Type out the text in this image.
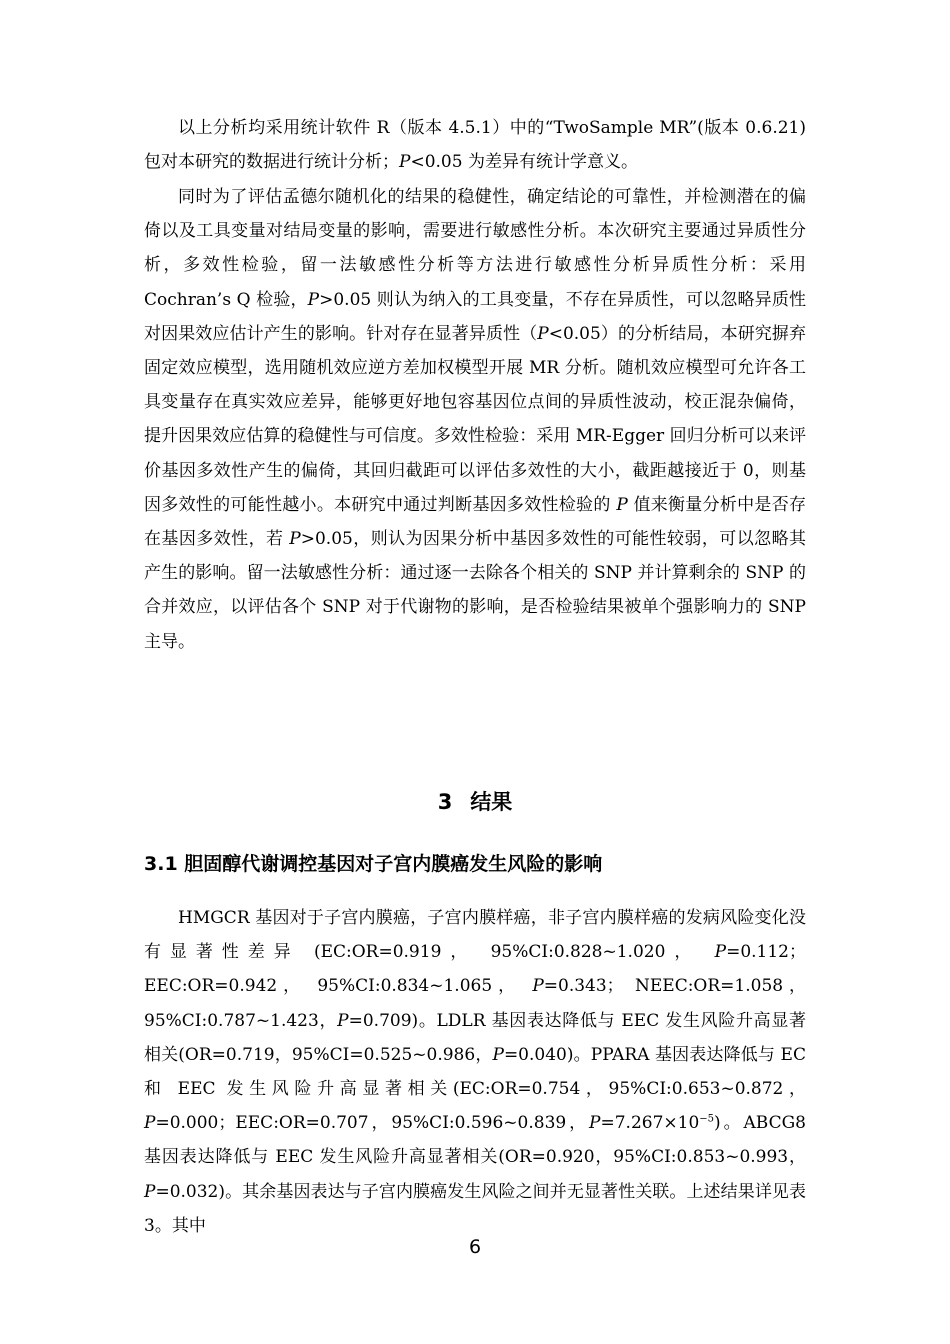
以上分析均采用统计软件 R（版本 4.5.1）中的“TwoSample MR”(版本 0.6.21)包对本研究的数据进行统计分析；P<0.05 为差异有统计学意义。

同时为了评估孟德尔随机化的结果的稳健性，确定结论的可靠性，并检测潜在的偏倚以及工具变量对结局变量的影响，需要进行敏感性分析。本次研究主要通过异质性分析，多效性检验，留一法敏感性分析等方法进行敏感性分析异质性分析：采用 Cochran’s Q 检验，P>0.05 则认为纳入的工具变量，不存在异质性，可以忽略异质性对因果效应估计产生的影响。针对存在显著异质性（P<0.05）的分析结局，本研究摒弃固定效应模型，选用随机效应逆方差加权模型开展 MR 分析。随机效应模型可允许各工具变量存在真实效应差异，能够更好地包容基因位点间的异质性波动，校正混杂偏倚，提升因果效应估算的稳健性与可信度。多效性检验：采用 MR-Egger 回归分析可以来评价基因多效性产生的偏倚，其回归截距可以评估多效性的大小，截距越接近于 0，则基因多效性的可能性越小。本研究中通过判断基因多效性检验的 P 值来衡量分析中是否存在基因多效性，若 P>0.05，则认为因果分析中基因多效性的可能性较弱，可以忽略其产生的影响。留一法敏感性分析：通过逐一去除各个相关的 SNP 并计算剩余的 SNP 的合并效应，以评估各个 SNP 对于代谢物的影响，是否检验结果被单个强影响力的 SNP 主导。

3 结果
3.1 胆固醇代谢调控基因对子宫内膜癌发生风险的影响

HMGCR 基因对于子宫内膜癌，子宫内膜样癌，非子宫内膜样癌的发病风险变化没有显著性差异 (EC:OR=0.919， 95%CI:0.828~1.020， P=0.112； EEC:OR=0.942， 95%CI:0.834~1.065， P=0.343； NEEC:OR=1.058， 95%CI:0.787~1.423，P=0.709)。LDLR 基因表达降低与 EEC 发生风险升高显著相关(OR=0.719，95%CI=0.525~0.986，P=0.040)。PPARA 基因表达降低与 EC 和 EEC 发生风险升高显著相关(EC:OR=0.754，95%CI:0.653~0.872，P=0.000；EEC:OR=0.707，95%CI:0.596~0.839，$P=7.267\times 10^{-5}$)。ABCG8 基因表达降低与 EEC 发生风险升高显著相关(OR=0.920，95%CI:0.853~0.993，P=0.032)。其余基因表达与子宫内膜癌发生风险之间并无显著性关联。上述结果详见表3。其中

6
